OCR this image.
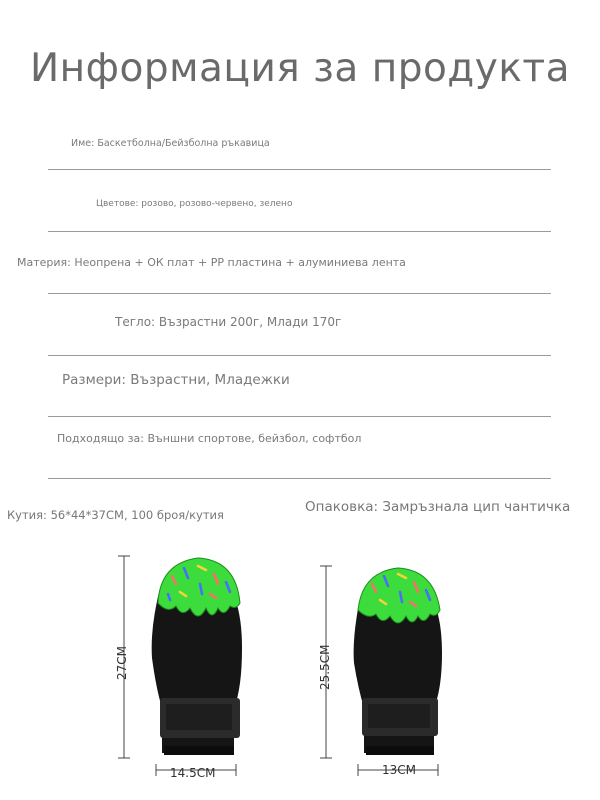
Информация за продукта
Име: Баскетболна/Бейзболна ръкавица
Цветове: розово, розово-червено, зелено
Материя: Неопрена + ОК плат + PP пластина + алуминиева лента
Тегло: Възрастни 200г, Млади 170г
Размери: Възрастни, Младежки
Подходящо за: Външни спортове, бейзбол, софтбол
Кутия: 56*44*37CM, 100 броя/кутия	Опаковка: Замръзнала цип чантичка
27CM
14.5CM
25.5CM
13CM
